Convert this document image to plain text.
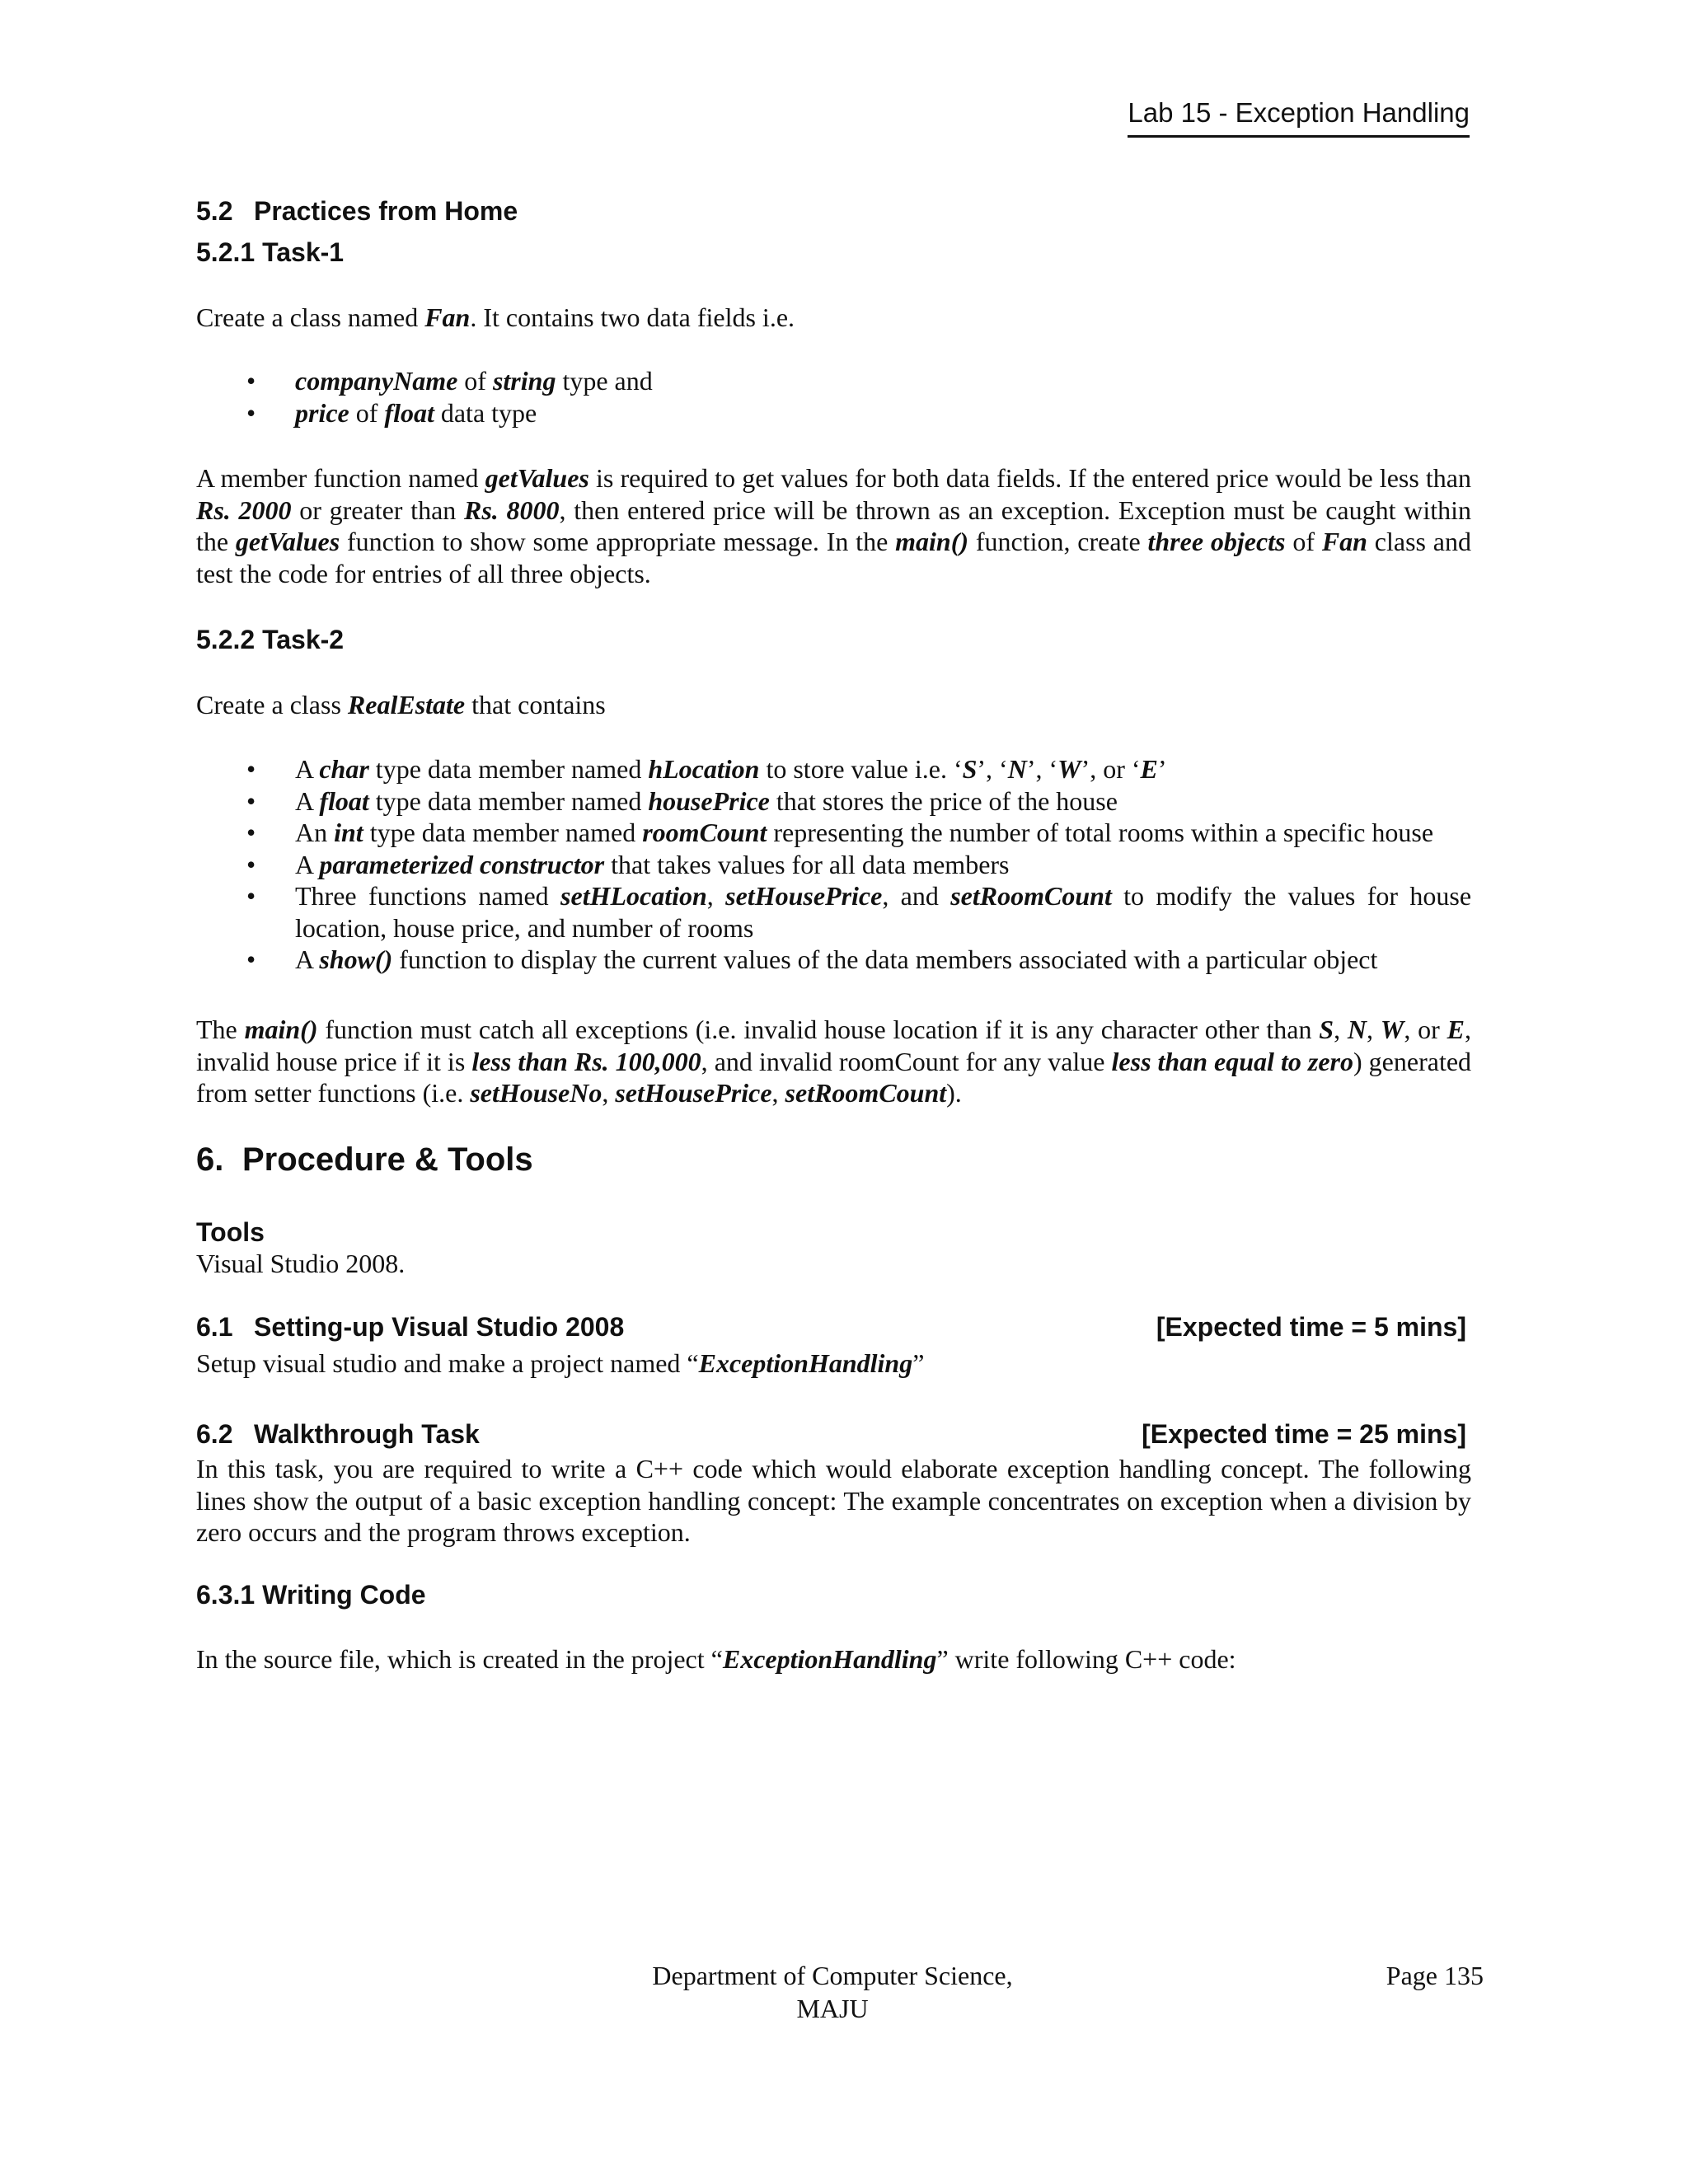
Lab 15 - Exception Handling
5.2 Practices from Home
5.2.1 Task-1
Create a class named Fan. It contains two data fields i.e.
• companyName of string type and
• price of float data type

A member function named getValues is required to get values for both data fields. If the entered price would be less than Rs. 2000 or greater than Rs. 8000, then entered price will be thrown as an exception. Exception must be caught within the getValues function to show some appropriate message. In the main() function, create three objects of Fan class and test the code for entries of all three objects.

5.2.2 Task-2
Create a class RealEstate that contains
• A char type data member named hLocation to store value i.e. ‘S’, ‘N’, ‘W’, or ‘E’
• A float type data member named housePrice that stores the price of the house
• An int type data member named roomCount representing the number of total rooms within a specific house
• A parameterized constructor that takes values for all data members
• Three functions named setHLocation, setHousePrice, and setRoomCount to modify the values for house location, house price, and number of rooms
• A show() function to display the current values of the data members associated with a particular object

The main() function must catch all exceptions (i.e. invalid house location if it is any character other than S, N, W, or E, invalid house price if it is less than Rs. 100,000, and invalid roomCount for any value less than equal to zero) generated from setter functions (i.e. setHouseNo, setHousePrice, setRoomCount).

6. Procedure & Tools
Tools
Visual Studio 2008.
6.1 Setting-up Visual Studio 2008	[Expected time = 5 mins]
Setup visual studio and make a project named “ExceptionHandling”
6.2 Walkthrough Task	[Expected time = 25 mins]

In this task, you are required to write a C++ code which would elaborate exception handling concept. The following lines show the output of a basic exception handling concept: The example concentrates on exception when a division by zero occurs and the program throws exception.

6.3.1 Writing Code
In the source file, which is created in the project “ExceptionHandling” write following C++ code:
Department of Computer Science,
MAJU
Page 135
